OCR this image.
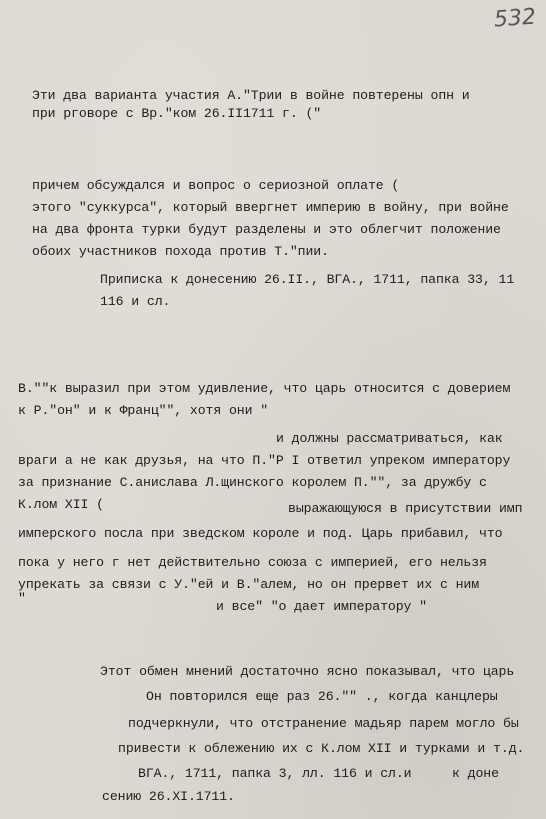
532
Эти два варианта участия А."Трии в войне повтерены опн и
при рговоре с Вр."ком 26.II1711 г. ("
причем обсуждался и вопрос о сериозной оплате (
этого "суккурса", который ввергнет империю в войну, при войне
на два фронта турки будут разделены и это облегчит положение
обоих участников похода против Т."пии.
Приписка к донесению 26.II., ВГА., 1711, папка 33, 11
116 и сл.
В.""к выразил при этом удивление, что царь относится с доверием
к Р."он" и к Франц"", хотя они "
и должны рассматриваться, как
враги а не как друзья, на что П."Р I ответил упреком императору
за признание С.анислава Л.щинского королем П."", за дружбу с
К.лом XII (	выражающуюся в присутствии имп
имперского посла при зведском короле и под. Царь прибавил, что
пока у него г нет действительно союза с империей, его нельзя
упрекать за связи с У."ей и В."алем, но он прервет их с ним
"
и все" "о дает императору "
Этот обмен мнений достаточно ясно показывал, что царь
Он повторился еще раз 26."" ., когда канцлеры
подчеркнули, что отстранение мадьяр парем могло бы
привести к облежению их с К.лом XII и турками и т.д.
ВГА., 1711, папка 3, лл. 116 и сл.и	к доне
сению 26.XI.1711.
